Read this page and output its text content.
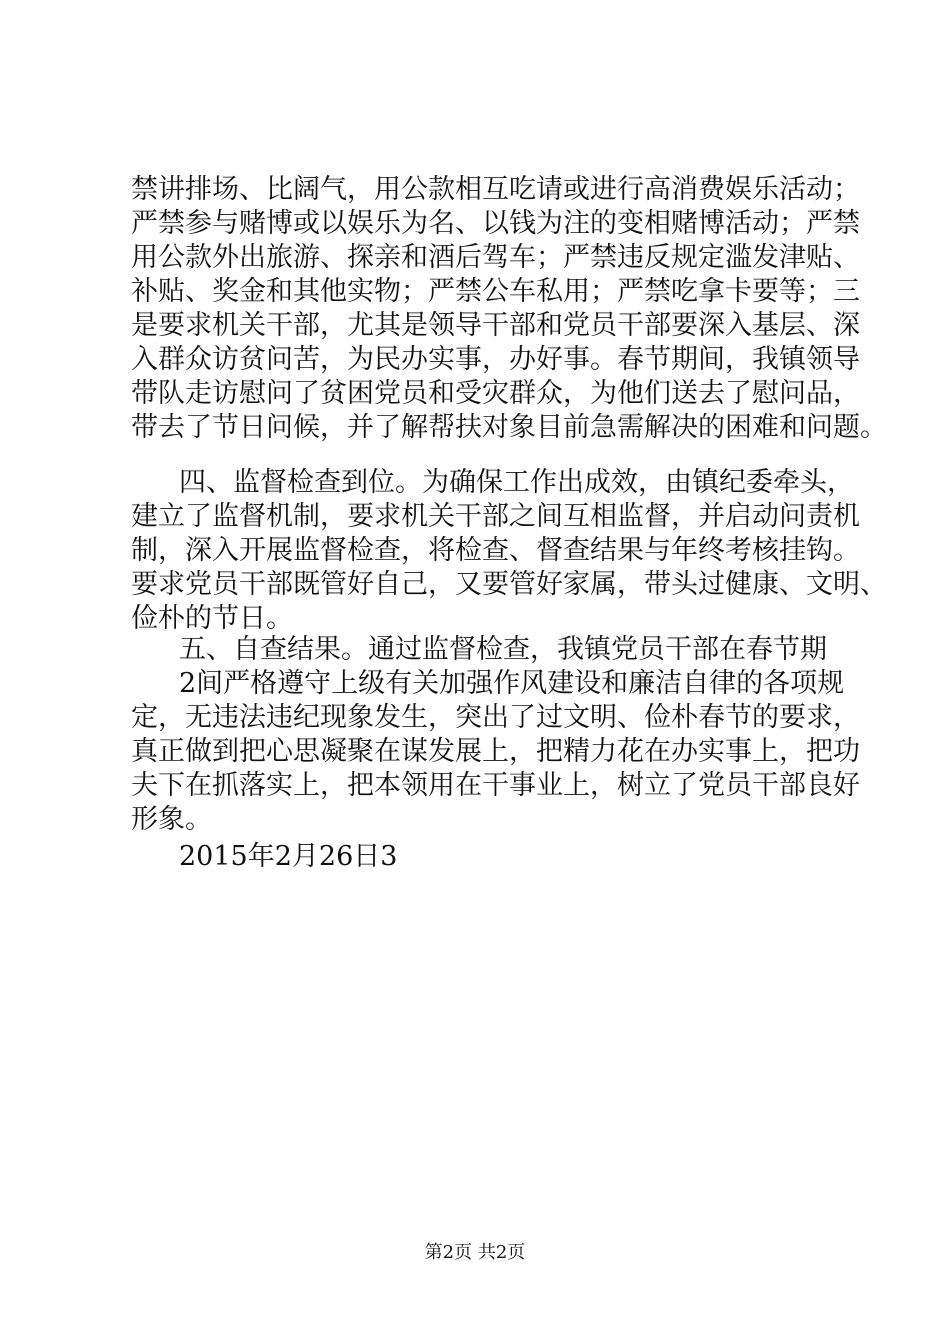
禁讲排场、比阔气，用公款相互吃请或进行高消费娱乐活动；
严禁参与赌博或以娱乐为名、以钱为注的变相赌博活动；严禁
用公款外出旅游、探亲和酒后驾车；严禁违反规定滥发津贴、
补贴、奖金和其他实物；严禁公车私用；严禁吃拿卡要等；三
是要求机关干部，尤其是领导干部和党员干部要深入基层、深
入群众访贫问苦，为民办实事，办好事。春节期间，我镇领导
带队走访慰问了贫困党员和受灾群众，为他们送去了慰问品，
带去了节日问候，并了解帮扶对象目前急需解决的困难和问题。
四、监督检查到位。为确保工作出成效，由镇纪委牵头，
建立了监督机制，要求机关干部之间互相监督，并启动问责机
制，深入开展监督检查，将检查、督查结果与年终考核挂钩。
要求党员干部既管好自己，又要管好家属，带头过健康、文明、
俭朴的节日。
五、自查结果。通过监督检查，我镇党员干部在春节期
2间严格遵守上级有关加强作风建设和廉洁自律的各项规
定，无违法违纪现象发生，突出了过文明、俭朴春节的要求，
真正做到把心思凝聚在谋发展上，把精力花在办实事上，把功
夫下在抓落实上，把本领用在干事业上，树立了党员干部良好
形象。
2015年2月26日3
第2页 共2页
